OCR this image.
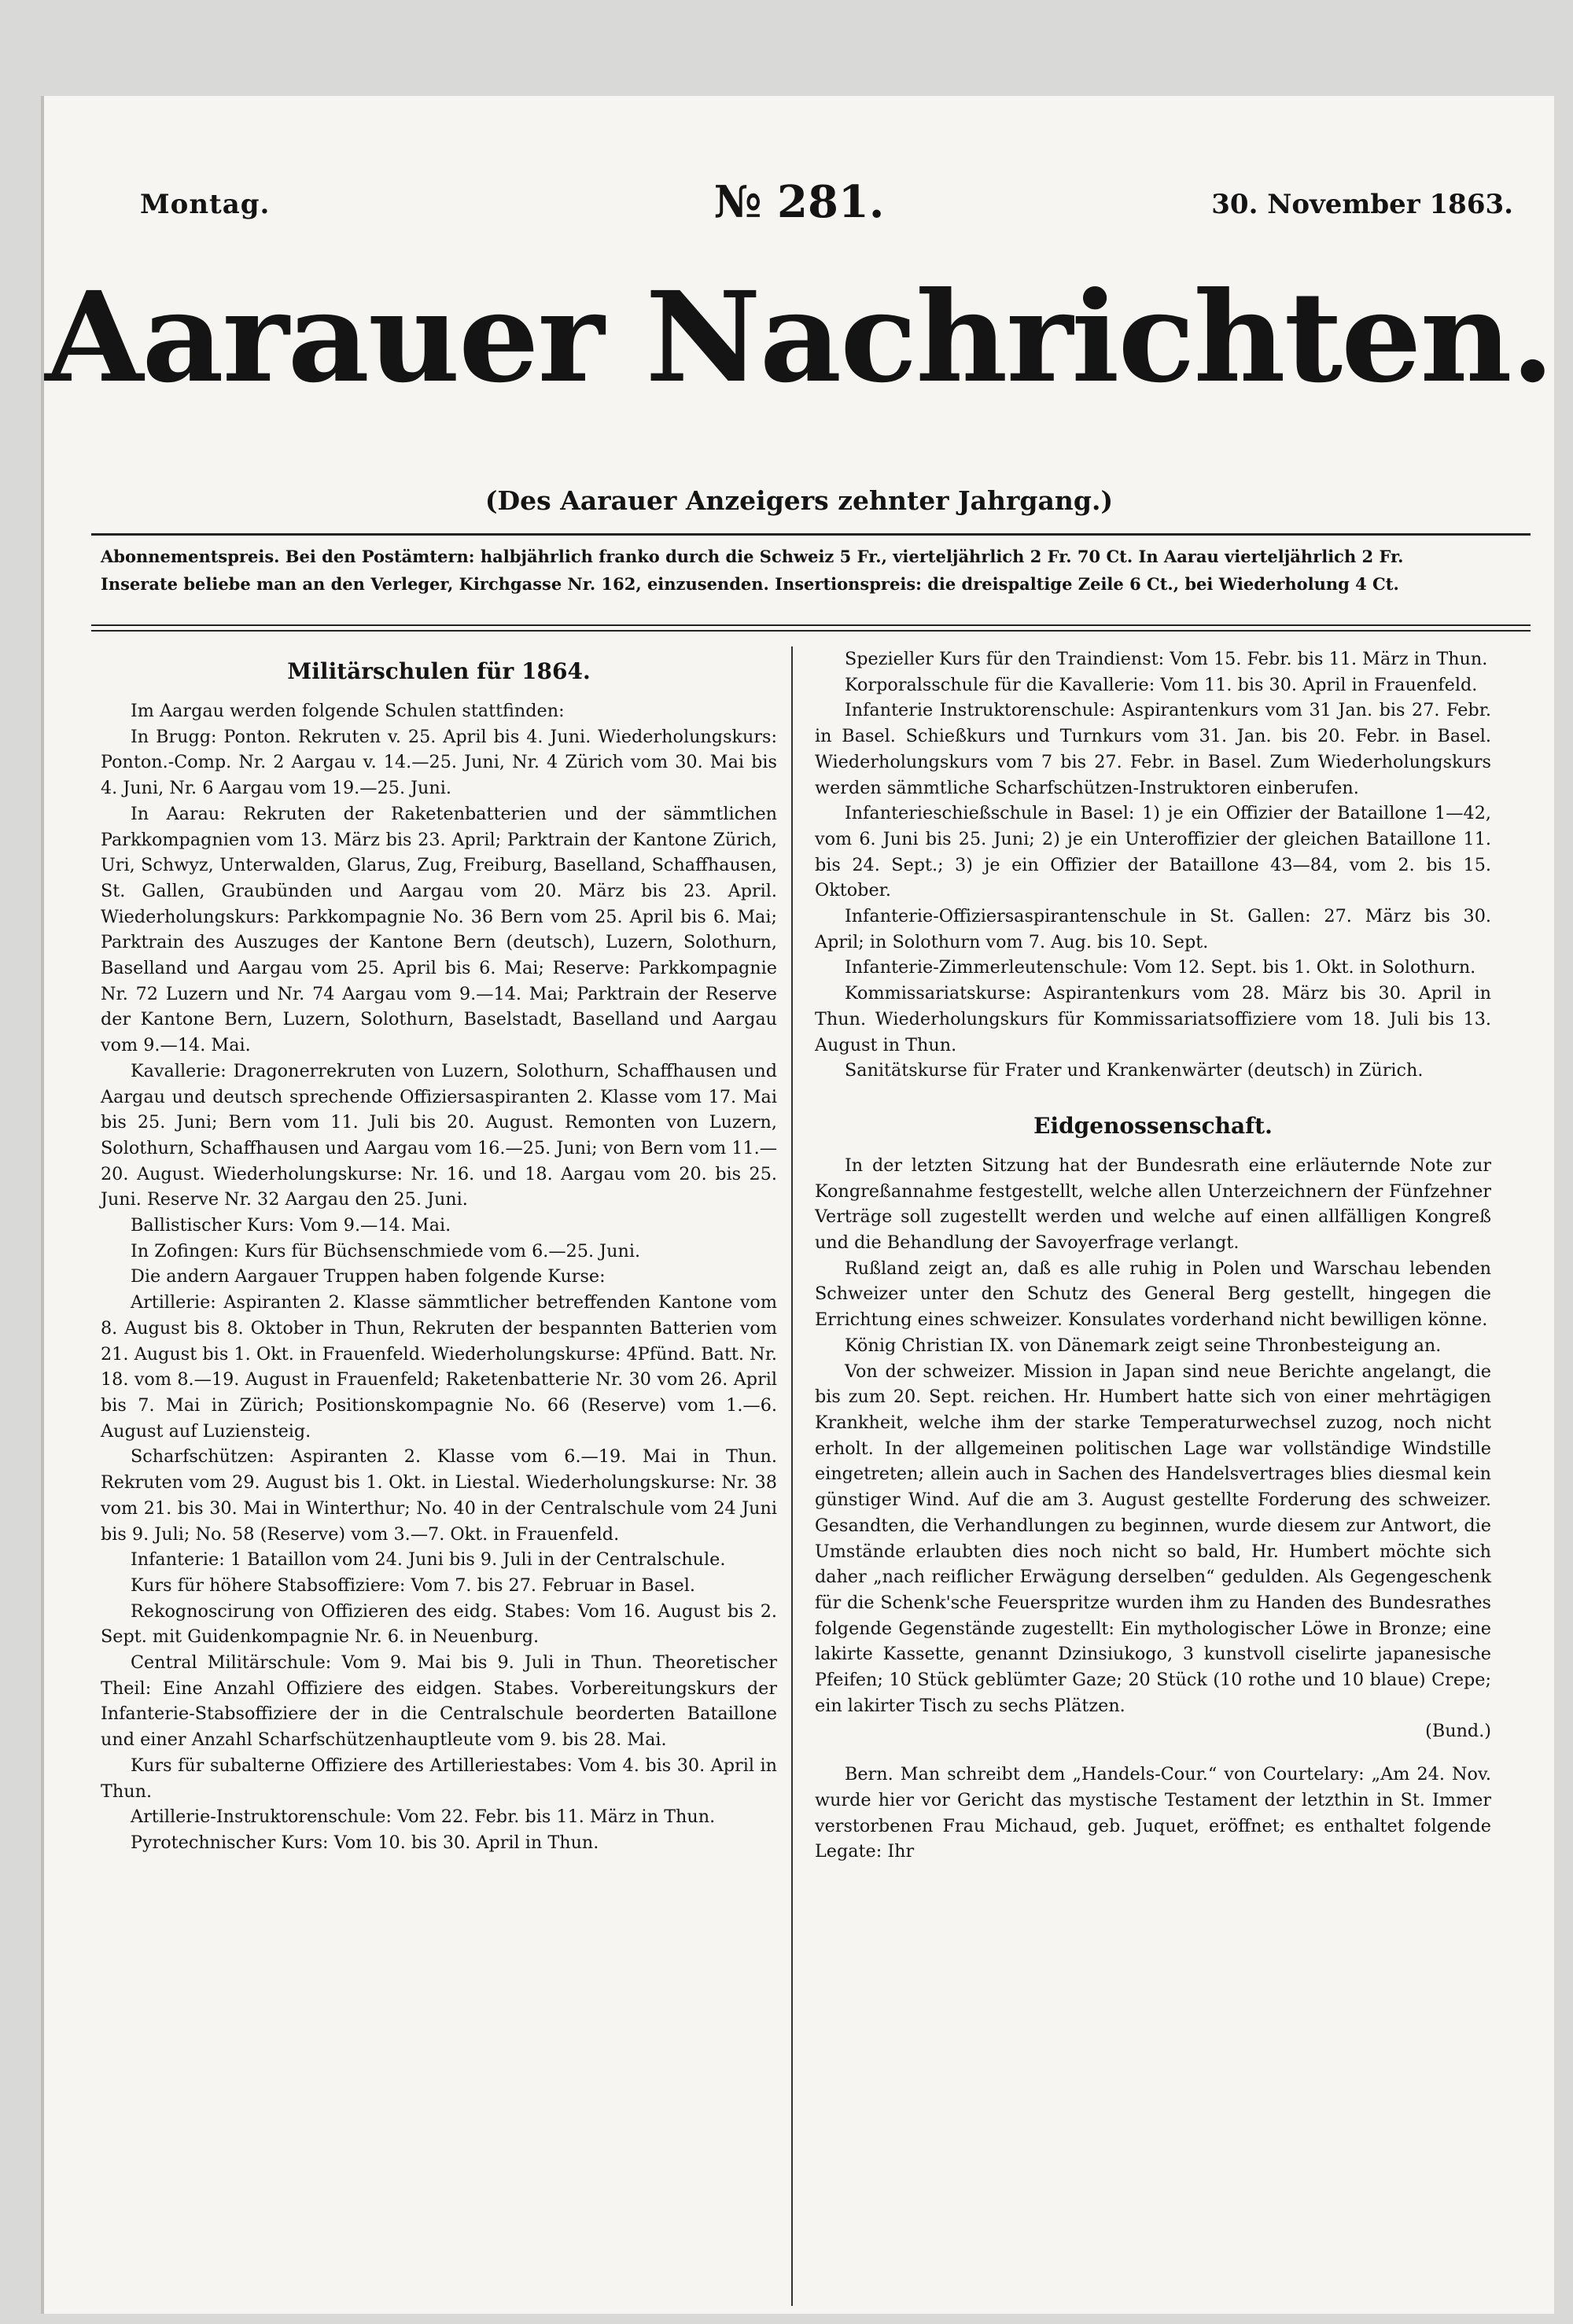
Montag.	№ 281.	30. November 1863.
Aarauer Nachrichten.
(Des Aarauer Anzeigers zehnter Jahrgang.)
Abonnementspreis. Bei den Postämtern: halbjährlich franko durch die Schweiz 5 Fr., vierteljährlich 2 Fr. 70 Ct. In Aarau vierteljährlich 2 Fr.
Inserate beliebe man an den Verleger, Kirchgasse Nr. 162, einzusenden. Insertionspreis: die dreispaltige Zeile 6 Ct., bei Wiederholung 4 Ct.

Militärschulen für 1864.

Im Aargau werden folgende Schulen stattfinden:

In Brugg: Ponton. Rekruten v. 25. April bis 4. Juni. Wiederholungskurs: Ponton.-Comp. Nr. 2 Aargau v. 14.—25. Juni, Nr. 4 Zürich vom 30. Mai bis 4. Juni, Nr. 6 Aargau vom 19.—25. Juni.

In Aarau: Rekruten der Raketenbatterien und der sämmtlichen Parkkompagnien vom 13. März bis 23. April; Parktrain der Kantone Zürich, Uri, Schwyz, Unterwalden, Glarus, Zug, Freiburg, Baselland, Schaffhausen, St. Gallen, Graubünden und Aargau vom 20. März bis 23. April. Wiederholungskurs: Parkkompagnie No. 36 Bern vom 25. April bis 6. Mai; Parktrain des Auszuges der Kantone Bern (deutsch), Luzern, Solothurn, Baselland und Aargau vom 25. April bis 6. Mai; Reserve: Parkkompagnie Nr. 72 Luzern und Nr. 74 Aargau vom 9.—14. Mai; Parktrain der Reserve der Kantone Bern, Luzern, Solothurn, Baselstadt, Baselland und Aargau vom 9.—14. Mai.

Kavallerie: Dragonerrekruten von Luzern, Solothurn, Schaffhausen und Aargau und deutsch sprechende Offiziersaspiranten 2. Klasse vom 17. Mai bis 25. Juni; Bern vom 11. Juli bis 20. August. Remonten von Luzern, Solothurn, Schaffhausen und Aargau vom 16.—25. Juni; von Bern vom 11.—20. August. Wiederholungskurse: Nr. 16. und 18. Aargau vom 20. bis 25. Juni. Reserve Nr. 32 Aargau den 25. Juni.

Ballistischer Kurs: Vom 9.—14. Mai.

In Zofingen: Kurs für Büchsenschmiede vom 6.—25. Juni.

Die andern Aargauer Truppen haben folgende Kurse:

Artillerie: Aspiranten 2. Klasse sämmtlicher betreffenden Kantone vom 8. August bis 8. Oktober in Thun, Rekruten der bespannten Batterien vom 21. August bis 1. Okt. in Frauenfeld. Wiederholungskurse: 4Pfünd. Batt. Nr. 18. vom 8.—19. August in Frauenfeld; Raketenbatterie Nr. 30 vom 26. April bis 7. Mai in Zürich; Positionskompagnie No. 66 (Reserve) vom 1.—6. August auf Luziensteig.

Scharfschützen: Aspiranten 2. Klasse vom 6.—19. Mai in Thun. Rekruten vom 29. August bis 1. Okt. in Liestal. Wiederholungskurse: Nr. 38 vom 21. bis 30. Mai in Winterthur; No. 40 in der Centralschule vom 24 Juni bis 9. Juli; No. 58 (Reserve) vom 3.—7. Okt. in Frauenfeld.

Infanterie: 1 Bataillon vom 24. Juni bis 9. Juli in der Centralschule.

Kurs für höhere Stabsoffiziere: Vom 7. bis 27. Februar in Basel.

Rekognoscirung von Offizieren des eidg. Stabes: Vom 16. August bis 2. Sept. mit Guidenkompagnie Nr. 6. in Neuenburg.

Central Militärschule: Vom 9. Mai bis 9. Juli in Thun. Theoretischer Theil: Eine Anzahl Offiziere des eidgen. Stabes. Vorbereitungskurs der Infanterie-Stabsoffiziere der in die Centralschule beorderten Bataillone und einer Anzahl Scharfschützenhauptleute vom 9. bis 28. Mai.

Kurs für subalterne Offiziere des Artilleriestabes: Vom 4. bis 30. April in Thun.

Artillerie-Instruktorenschule: Vom 22. Febr. bis 11. März in Thun.

Pyrotechnischer Kurs: Vom 10. bis 30. April in Thun.

Spezieller Kurs für den Traindienst: Vom 15. Febr. bis 11. März in Thun.

Korporalsschule für die Kavallerie: Vom 11. bis 30. April in Frauenfeld.

Infanterie Instruktorenschule: Aspirantenkurs vom 31 Jan. bis 27. Febr. in Basel. Schießkurs und Turnkurs vom 31. Jan. bis 20. Febr. in Basel. Wiederholungskurs vom 7 bis 27. Febr. in Basel. Zum Wiederholungskurs werden sämmtliche Scharfschützen-Instruktoren einberufen.

Infanterieschießschule in Basel: 1) je ein Offizier der Bataillone 1—42, vom 6. Juni bis 25. Juni; 2) je ein Unteroffizier der gleichen Bataillone 11. bis 24. Sept.; 3) je ein Offizier der Bataillone 43—84, vom 2. bis 15. Oktober.

Infanterie-Offiziersaspirantenschule in St. Gallen: 27. März bis 30. April; in Solothurn vom 7. Aug. bis 10. Sept.

Infanterie-Zimmerleutenschule: Vom 12. Sept. bis 1. Okt. in Solothurn.

Kommissariatskurse: Aspirantenkurs vom 28. März bis 30. April in Thun. Wiederholungskurs für Kommissariatsoffiziere vom 18. Juli bis 13. August in Thun.

Sanitätskurse für Frater und Krankenwärter (deutsch) in Zürich.

Eidgenossenschaft.

In der letzten Sitzung hat der Bundesrath eine erläuternde Note zur Kongreßannahme festgestellt, welche allen Unterzeichnern der Fünfzehner Verträge soll zugestellt werden und welche auf einen allfälligen Kongreß und die Behandlung der Savoyerfrage verlangt.

Rußland zeigt an, daß es alle ruhig in Polen und Warschau lebenden Schweizer unter den Schutz des General Berg gestellt, hingegen die Errichtung eines schweizer. Konsulates vorderhand nicht bewilligen könne.

König Christian IX. von Dänemark zeigt seine Thronbesteigung an.

Von der schweizer. Mission in Japan sind neue Berichte angelangt, die bis zum 20. Sept. reichen. Hr. Humbert hatte sich von einer mehrtägigen Krankheit, welche ihm der starke Temperaturwechsel zuzog, noch nicht erholt. In der allgemeinen politischen Lage war vollständige Windstille eingetreten; allein auch in Sachen des Handelsvertrages blies diesmal kein günstiger Wind. Auf die am 3. August gestellte Forderung des schweizer. Gesandten, die Verhandlungen zu beginnen, wurde diesem zur Antwort, die Umstände erlaubten dies noch nicht so bald, Hr. Humbert möchte sich daher „nach reiflicher Erwägung derselben“ gedulden. Als Gegengeschenk für die Schenk'sche Feuerspritze wurden ihm zu Handen des Bundesrathes folgende Gegenstände zugestellt: Ein mythologischer Löwe in Bronze; eine lakirte Kassette, genannt Dzinsiukogo, 3 kunstvoll ciselirte japanesische Pfeifen; 10 Stück geblümter Gaze; 20 Stück (10 rothe und 10 blaue) Crepe; ein lakirter Tisch zu sechs Plätzen.

(Bund.)

Bern. Man schreibt dem „Handels-Cour.“ von Courtelary: „Am 24. Nov. wurde hier vor Gericht das mystische Testament der letzthin in St. Immer verstorbenen Frau Michaud, geb. Juquet, eröffnet; es enthaltet folgende Legate: Ihr
